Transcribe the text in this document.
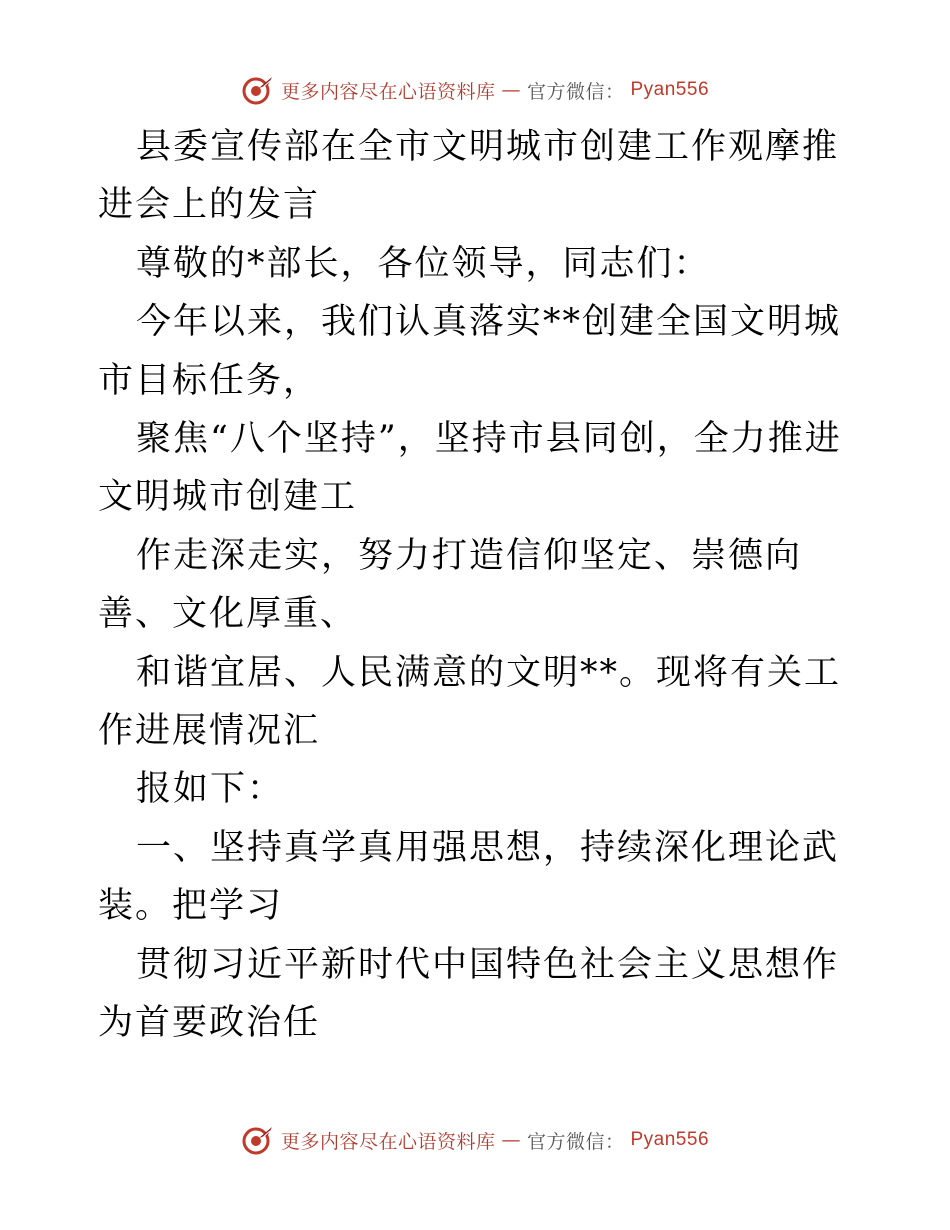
更多内容尽在心语资料库 — 官方微信： Pyan556

县委宣传部在全市文明城市创建工作观摩推进会上的发言

尊敬的*部长，各位领导，同志们：

今年以来，我们认真落实**创建全国文明城市目标任务，

聚焦“八个坚持”，坚持市县同创，全力推进文明城市创建工

作走深走实，努力打造信仰坚定、崇德向善、文化厚重、

和谐宜居、人民满意的文明**。现将有关工作进展情况汇

报如下：

一、坚持真学真用强思想，持续深化理论武装。把学习

贯彻习近平新时代中国特色社会主义思想作为首要政治任

更多内容尽在心语资料库 — 官方微信： Pyan556
